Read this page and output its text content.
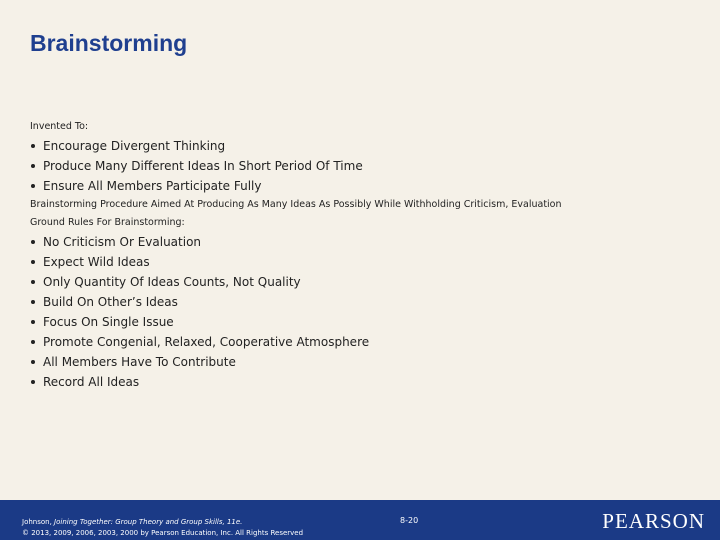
Brainstorming

Invented To:

Encourage Divergent Thinking
Produce Many Different Ideas In Short Period Of Time
Ensure All Members Participate Fully

Brainstorming Procedure Aimed At Producing As Many Ideas As Possibly While Withholding Criticism, Evaluation

Ground Rules For Brainstorming:

No Criticism Or Evaluation
Expect Wild Ideas
Only Quantity Of Ideas Counts, Not Quality
Build On Other’s Ideas
Focus On Single Issue
Promote Congenial, Relaxed, Cooperative Atmosphere
All Members Have To Contribute
Record All Ideas
Johnson, Joining Together: Group Theory and Group Skills, 11e.
© 2013, 2009, 2006, 2003, 2000 by Pearson Education, Inc. All Rights Reserved
8-20	PEARSON
